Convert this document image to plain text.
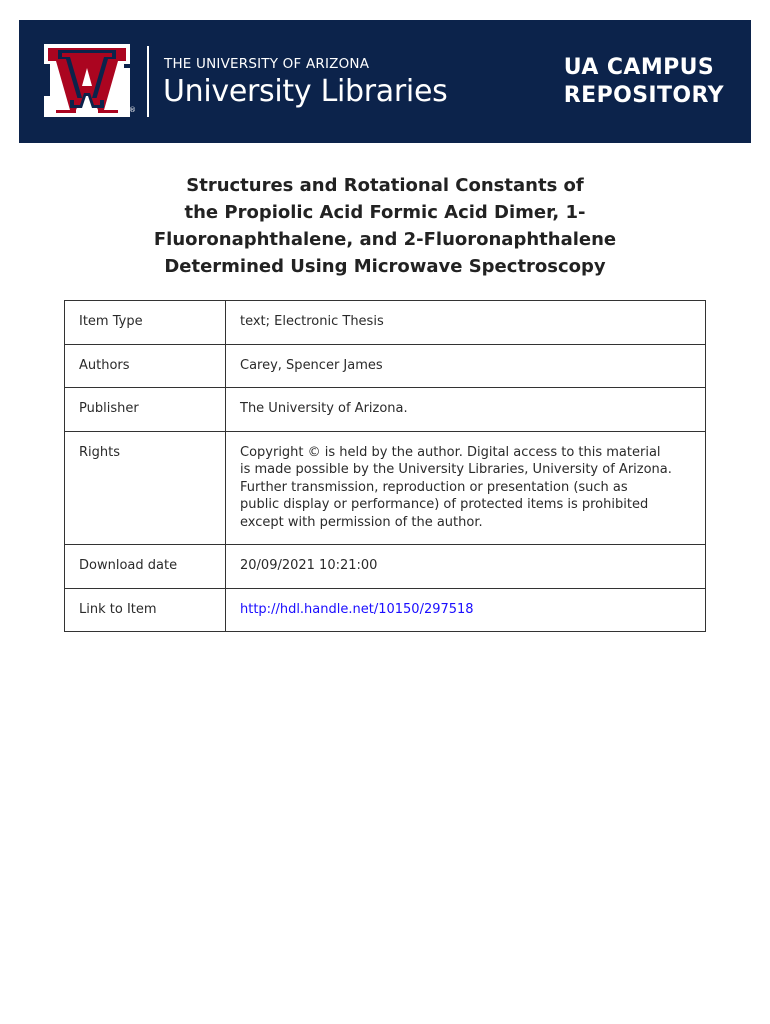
®
THE UNIVERSITY OF ARIZONA
University Libraries
UA CAMPUS
REPOSITORY
Structures and Rotational Constants of
the Propiolic Acid Formic Acid Dimer, 1-
Fluoronaphthalene, and 2-Fluoronaphthalene
Determined Using Microwave Spectroscopy
Item Type	text; Electronic Thesis
Authors	Carey, Spencer James
Publisher	The University of Arizona.
Rights	Copyright © is held by the author. Digital access to this material
is made possible by the University Libraries, University of Arizona.
Further transmission, reproduction or presentation (such as
public display or performance) of protected items is prohibited
except with permission of the author.

Download date	20/09/2021 10:21:00
Link to Item	http://hdl.handle.net/10150/297518
